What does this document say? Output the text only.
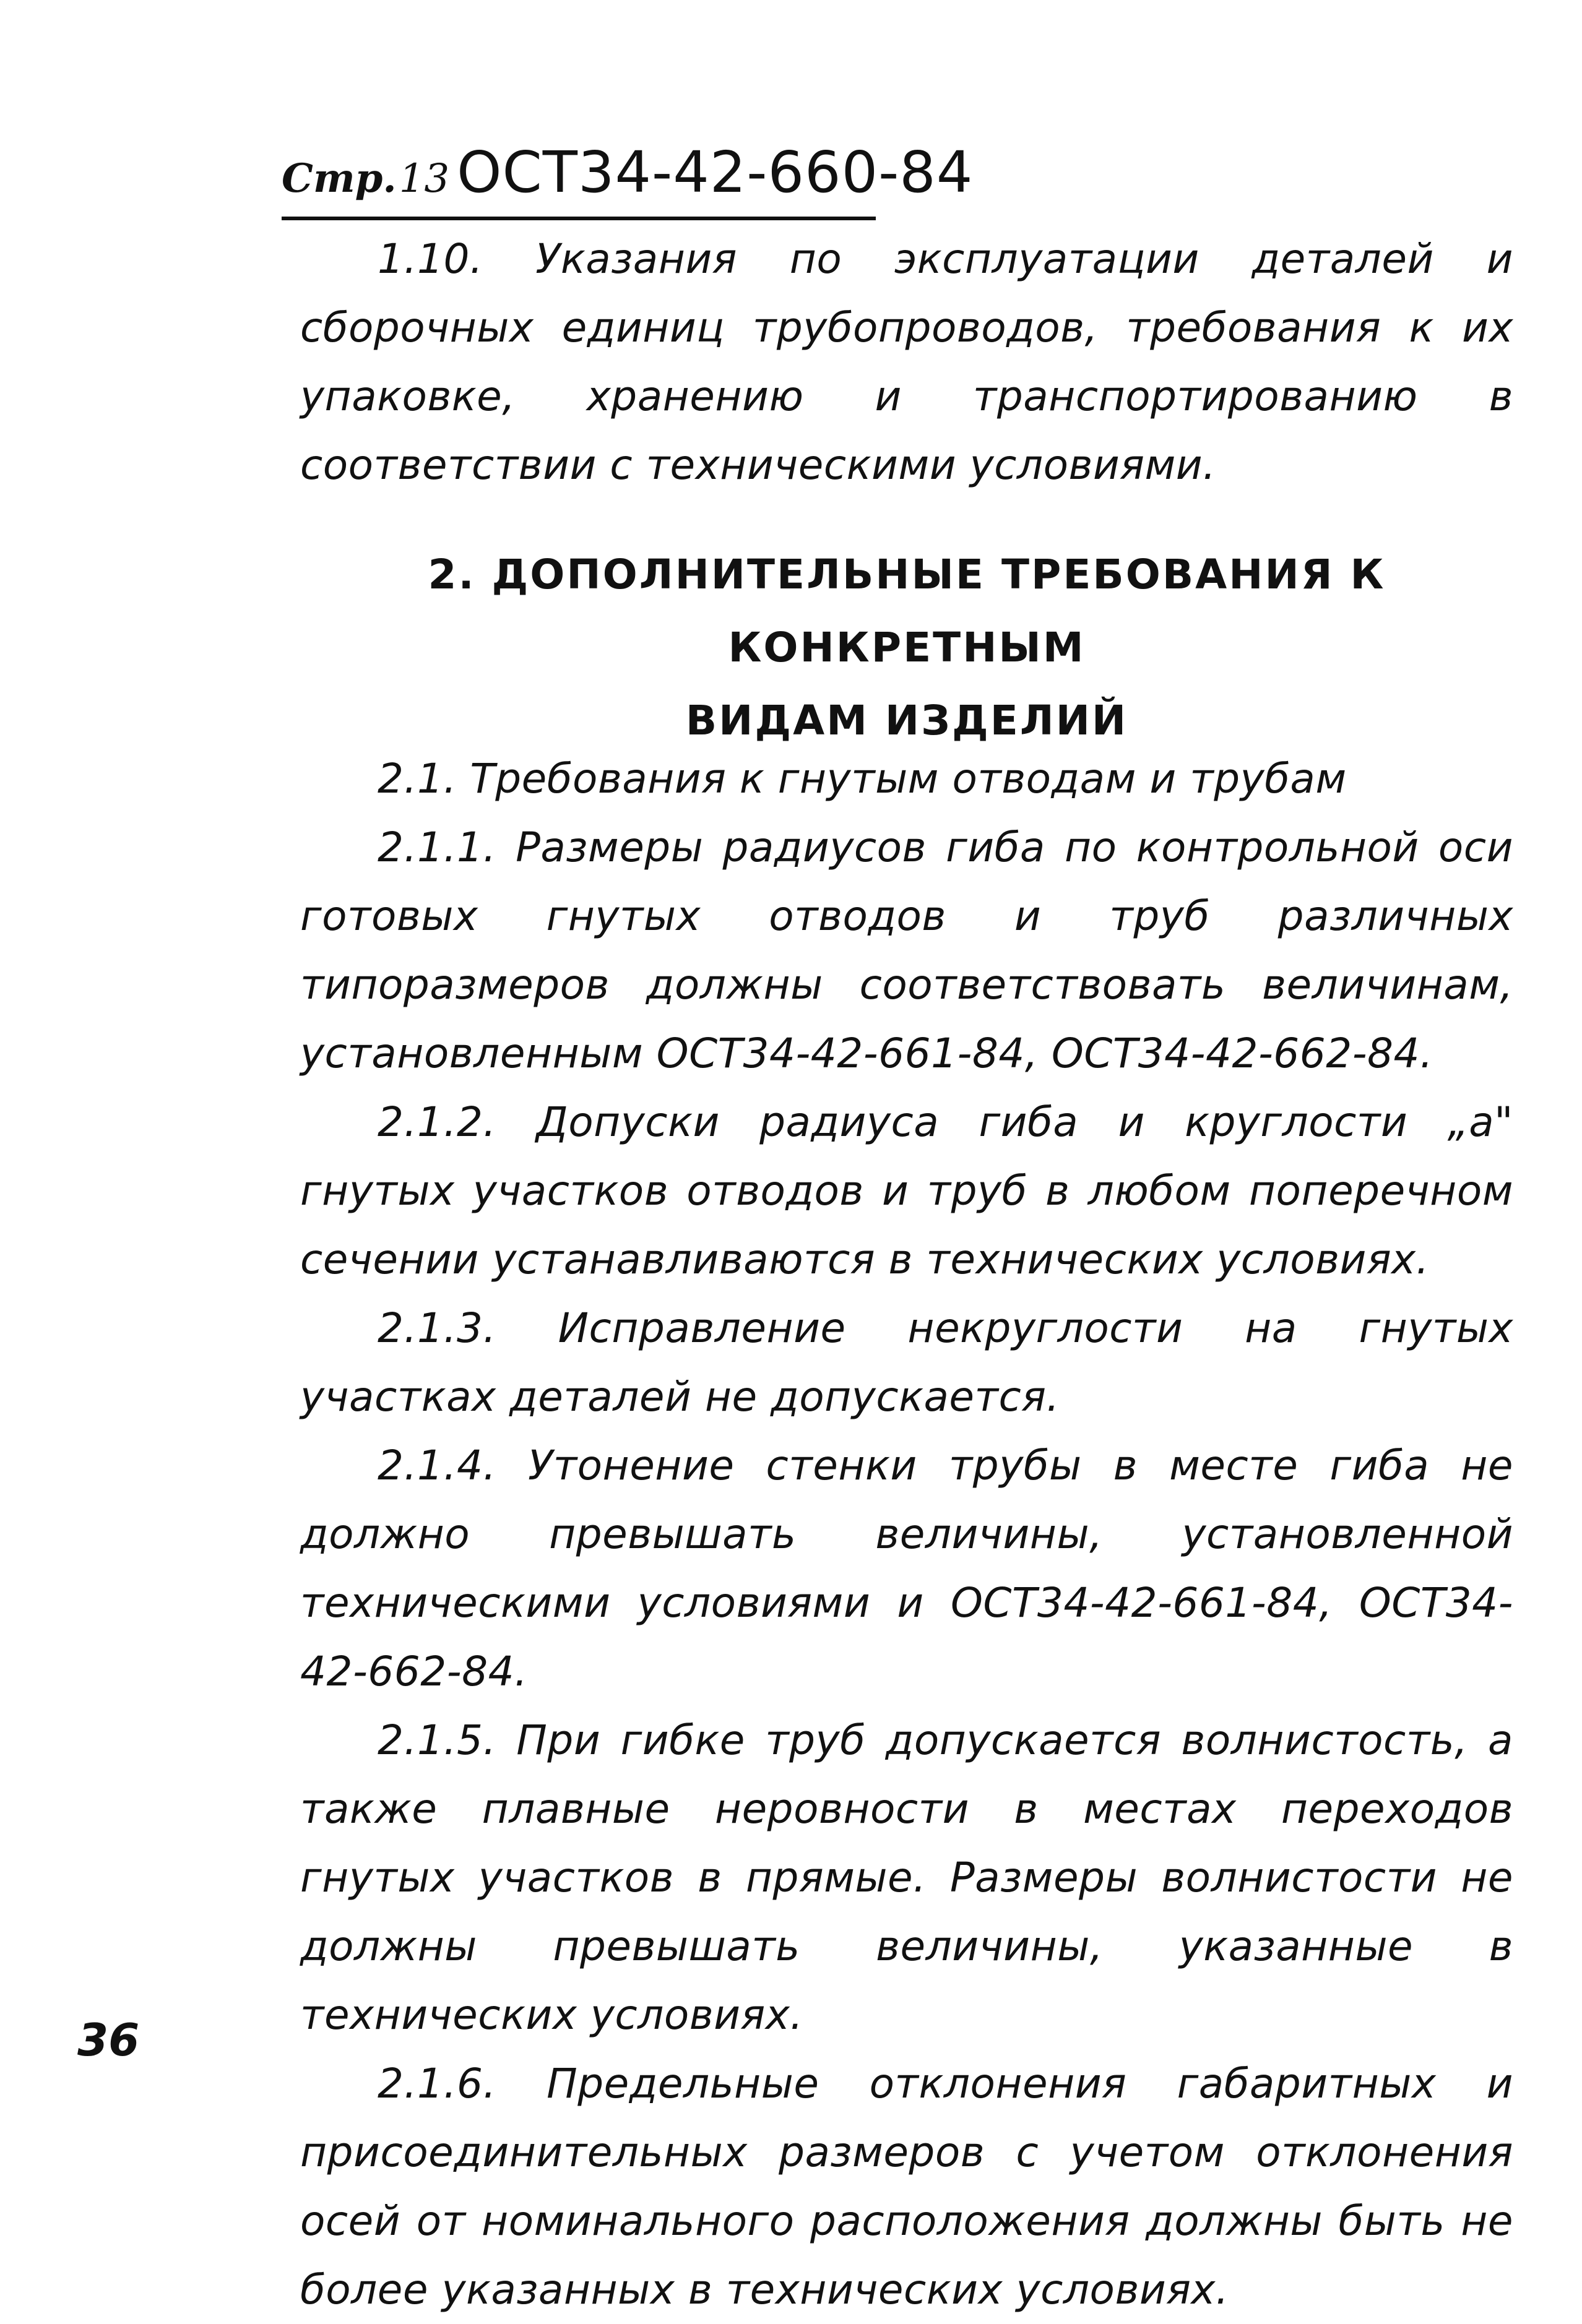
Стр.13 ОСТ34-42-660-84

1.10. Указания по эксплуатации деталей и сборочных единиц трубопроводов, требования к их упаковке, хранению и транспортированию в соответствии с техническими условиями.

2. ДОПОЛНИТЕЛЬНЫЕ ТРЕБОВАНИЯ К КОНКРЕТНЫМ
ВИДАМ ИЗДЕЛИЙ

2.1. Требования к гнутым отводам и трубам

2.1.1. Размеры радиусов гиба по контрольной оси готовых гнутых отводов и труб различных типоразмеров должны соответствовать величинам, установленным ОСТ34-42-661-84, ОСТ34-42-662-84.

2.1.2. Допуски радиуса гиба и круглости „а" гнутых участков отводов и труб в любом поперечном сечении устанавливаются в технических условиях.

2.1.3. Исправление некруглости на гнутых участках деталей не допускается.

2.1.4. Утонение стенки трубы в месте гиба не должно превышать величины, установленной техническими условиями и ОСТ34-42-661-84, ОСТ34-42-662-84.

2.1.5. При гибке труб допускается волнистость, а также плавные неровности в местах переходов гнутых участков в прямые. Размеры волнистости не должны превышать величины, указанные в технических условиях.

2.1.6. Предельные отклонения габаритных и присоединительных размеров с учетом отклонения осей от номинального расположения должны быть не более указанных в технических условиях.

36
